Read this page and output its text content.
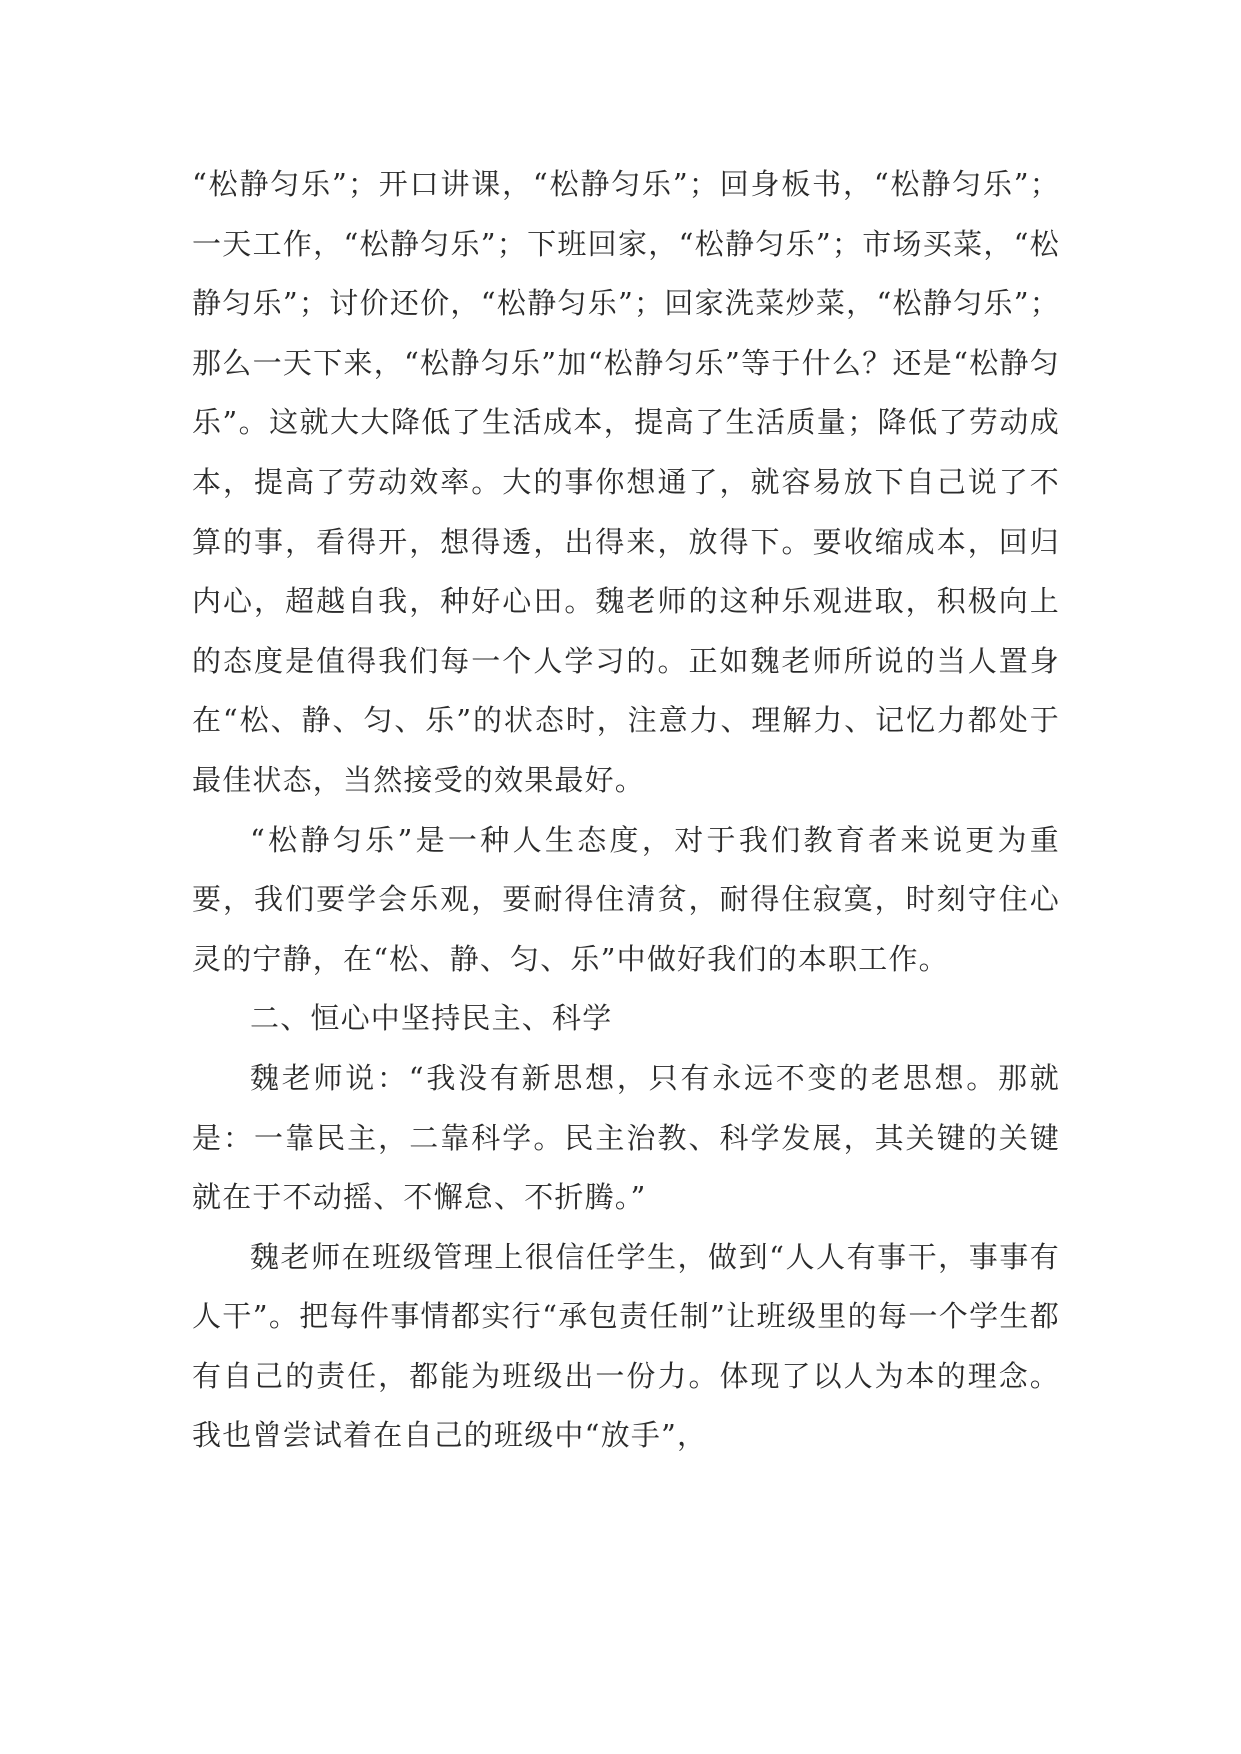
“松静匀乐”；开口讲课，“松静匀乐”；回身板书，“松静匀乐”；一天工作，“松静匀乐”；下班回家，“松静匀乐”；市场买菜，“松静匀乐”；讨价还价，“松静匀乐”；回家洗菜炒菜，“松静匀乐”；那么一天下来，“松静匀乐”加“松静匀乐”等于什么？还是“松静匀乐”。这就大大降低了生活成本，提高了生活质量；降低了劳动成本，提高了劳动效率。大的事你想通了，就容易放下自己说了不算的事，看得开，想得透，出得来，放得下。要收缩成本，回归内心，超越自我，种好心田。魏老师的这种乐观进取，积极向上的态度是值得我们每一个人学习的。正如魏老师所说的当人置身在“松、静、匀、乐”的状态时，注意力、理解力、记忆力都处于最佳状态，当然接受的效果最好。

“松静匀乐”是一种人生态度，对于我们教育者来说更为重要，我们要学会乐观，要耐得住清贫，耐得住寂寞，时刻守住心灵的宁静，在“松、静、匀、乐”中做好我们的本职工作。

二、恒心中坚持民主、科学

魏老师说：“我没有新思想，只有永远不变的老思想。那就是：一靠民主，二靠科学。民主治教、科学发展，其关键的关键就在于不动摇、不懈怠、不折腾。”

魏老师在班级管理上很信任学生，做到“人人有事干，事事有人干”。把每件事情都实行“承包责任制”让班级里的每一个学生都有自己的责任，都能为班级出一份力。体现了以人为本的理念。我也曾尝试着在自己的班级中“放手”，
